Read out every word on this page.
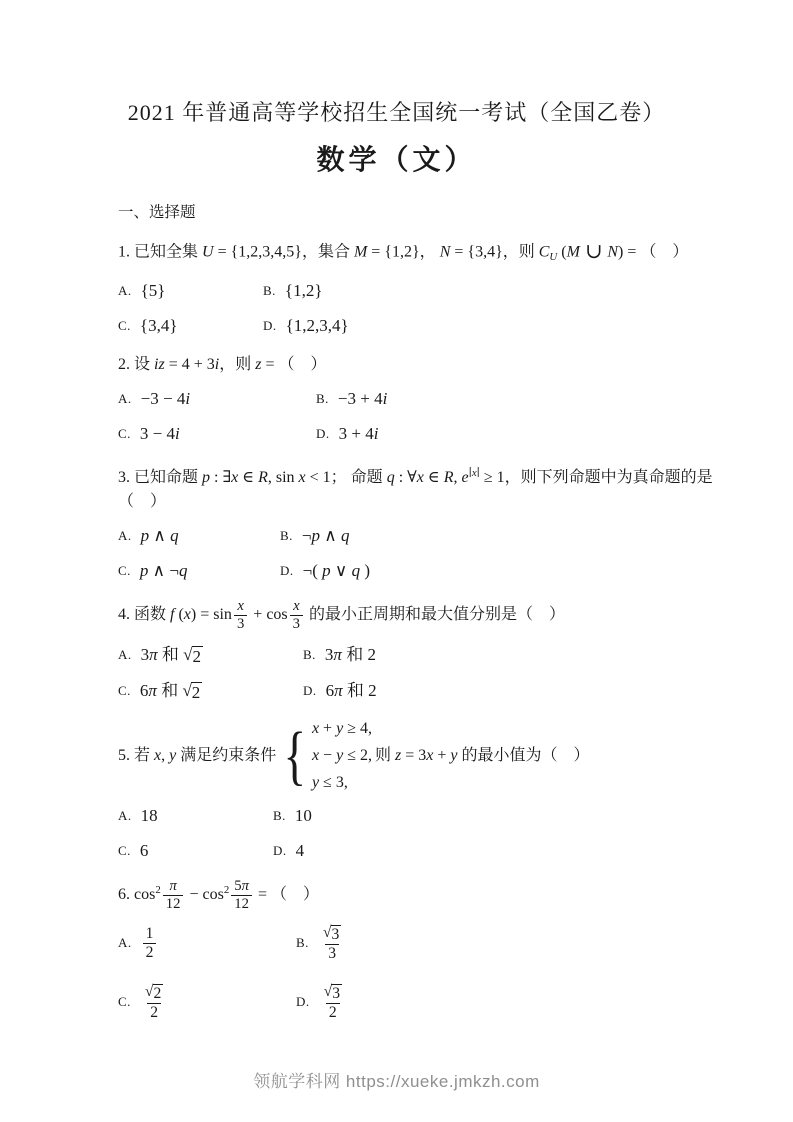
2021 年普通高等学校招生全国统一考试（全国乙卷）
数学（文）
一、选择题

1. 已知全集 U = {1,2,3,4,5}，集合 M = {1,2}， N = {3,4}，则 $C_U$ (M ∪ N) = （　）

A. {5}	B. {1,2}
C. {3,4}	D. {1,2,3,4}

2. 设 iz = 4 + 3i，则 z = （　）

A. −3 − 4i	B. −3 + 4i
C. 3 − 4i	D. 3 + 4i

3. 已知命题 p : ∃x ∈ R, sin x < 1； 命题 q : ∀x ∈ R, $e^{∣x∣} \ge 1$，则下列命题中为真命题的是（　）

A. p ∧ q	B. ¬p ∧ q
C. p ∧ ¬q	D. ¬( p ∨ q )

4. 函数 f $(x) = \sin \frac{x}{3} + \cos \frac{x}{3}$ 的最小正周期和最大值分别是（　）

A. 3π 和 √ 2	B. 3π 和 2
C. 6π 和 √ 2	D. 6π 和 2
5. 若 x, y 满足约束条件 { x + y ≥ 4,
x − y ≤ 2,
y ≤ 3,
则 z = 3x + y 的最小值为（　）
A. 18	B. 10
C. 6	D. 4

6. $\cos^2 \frac{\pi}{12} - \cos^2 \frac{5\pi}{12}$ = （　）

A. $\frac{1}{2}$	B. $\frac{√ 3}{3}$
C. $\frac{√ 2}{2}$	D. $\frac{√ 3}{2}$
领航学科网 https://xueke.jmkzh.com
